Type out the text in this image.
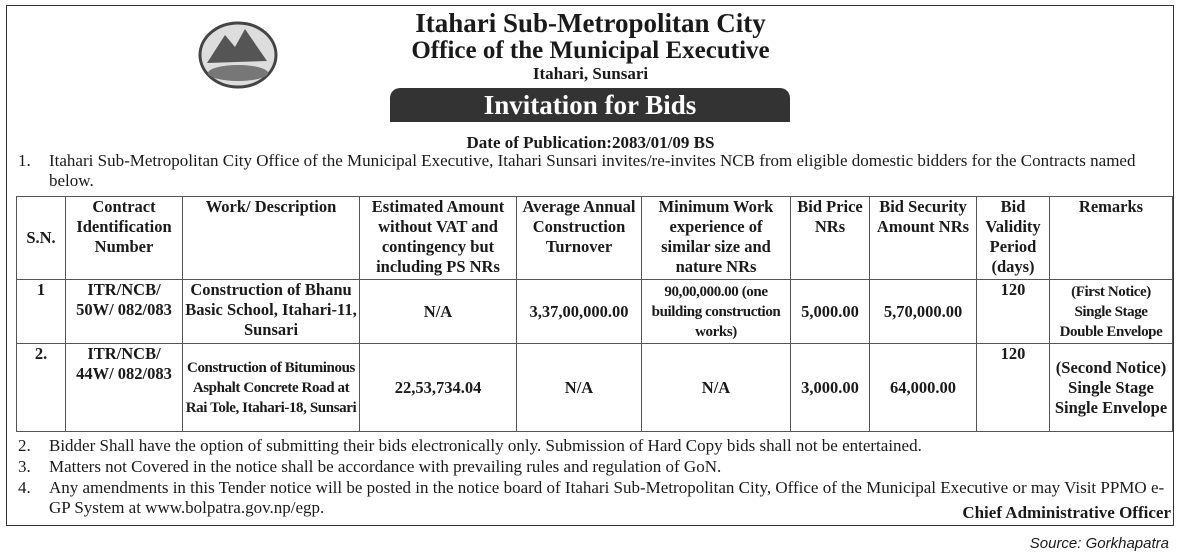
Itahari Sub-Metropolitan City
Office of the Municipal Executive
Itahari, Sunsari
Invitation for Bids
Date of Publication:2083/01/09 BS
1. Itahari Sub-Metropolitan City Office of the Municipal Executive, Itahari Sunsari invites/re-invites NCB from eligible domestic bidders for the Contracts named below.
S.N.	Contract Identification Number	Work/ Description	Estimated Amount without VAT and contingency but including PS NRs	Average Annual Construction Turnover	Minimum Work experience of similar size and nature NRs	Bid Price NRs	Bid Security Amount NRs	Bid Validity Period (days)	Remarks
1	ITR/NCB/ 50W/ 082/083	Construction of Bhanu Basic School, Itahari-11, Sunsari	N/A	3,37,00,000.00	90,00,000.00 (one building construction works)	5,000.00	5,70,000.00	120	(First Notice) Single Stage Double Envelope
2.	ITR/NCB/ 44W/ 082/083	Construction of Bituminous Asphalt Concrete Road at Rai Tole, Itahari-18, Sunsari	22,53,734.04	N/A	N/A	3,000.00	64,000.00	120	(Second Notice) Single Stage Single Envelope
2. Bidder Shall have the option of submitting their bids electronically only. Submission of Hard Copy bids shall not be entertained.
3. Matters not Covered in the notice shall be accordance with prevailing rules and regulation of GoN.
4. Any amendments in this Tender notice will be posted in the notice board of Itahari Sub-Metropolitan City, Office of the Municipal Executive or may Visit PPMO e-GP System at www.bolpatra.gov.np/egp.	Chief Administrative Officer
Source: Gorkhapatra
